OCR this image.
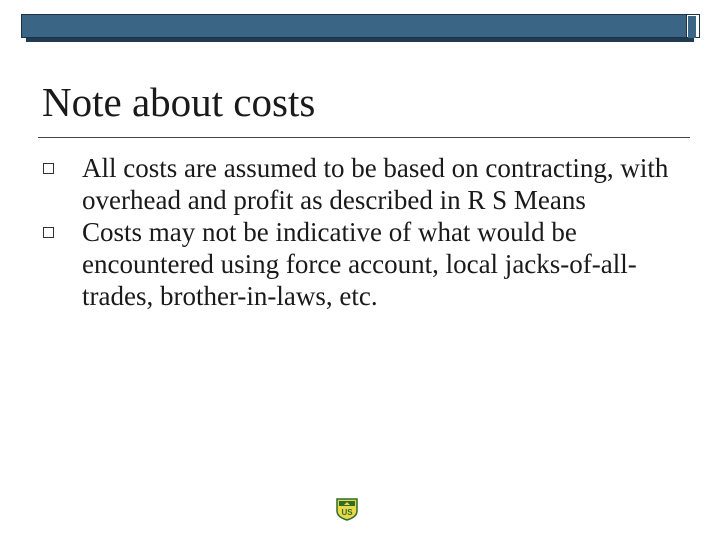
Note about costs
All costs are assumed to be based on contracting, with overhead and profit as described in R S Means
Costs may not be indicative of what would be encountered using force account, local jacks-of-all-trades, brother-in-laws, etc.
US
